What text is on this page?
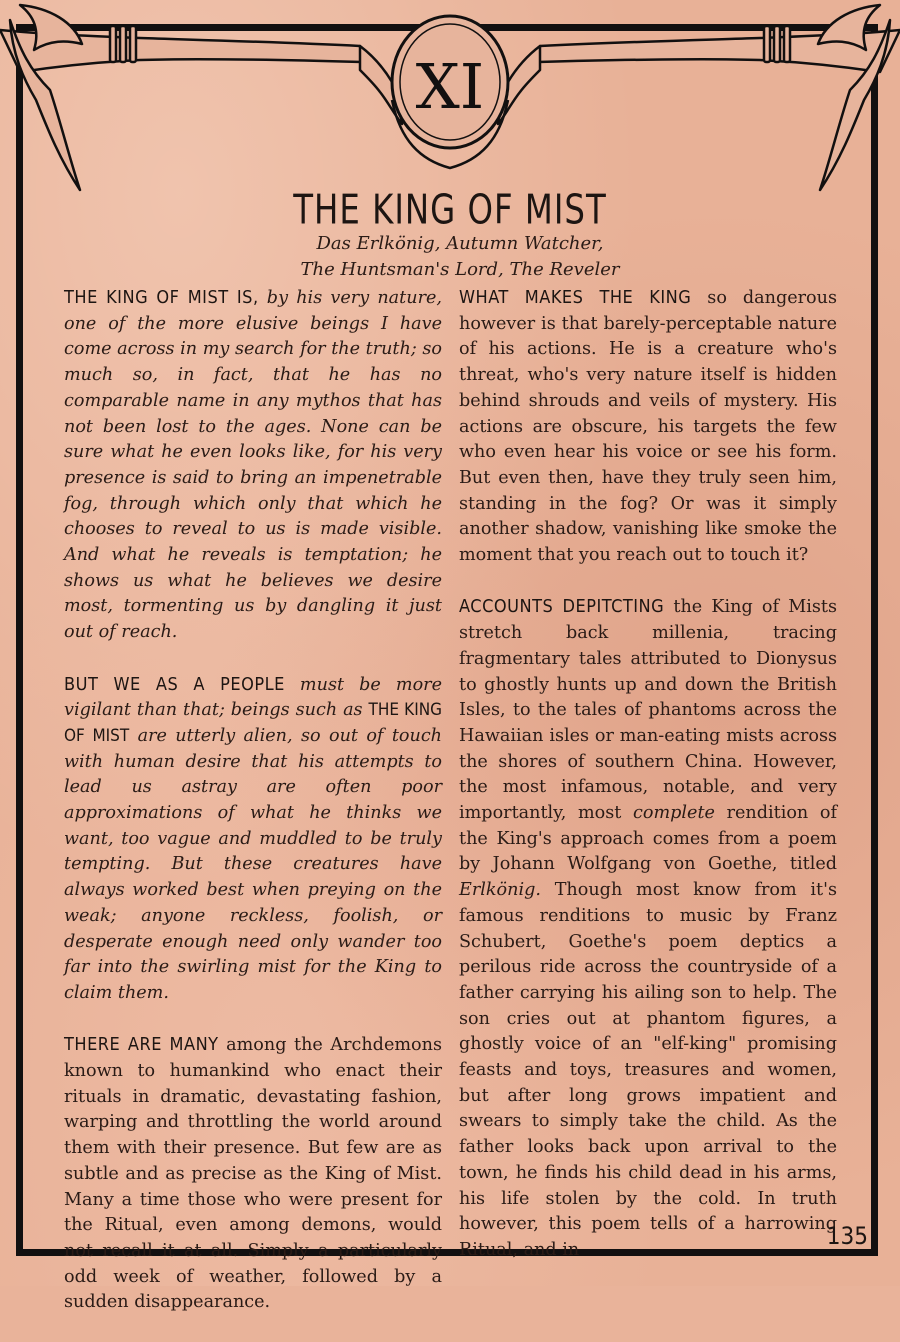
XI
THE KING OF MIST
Das Erlkönig, Autumn Watcher,
The Huntsman's Lord, The Reveler

THE KING OF MIST IS, by his very nature, one of the more elusive beings I have come across in my search for the truth; so much so, in fact, that he has no comparable name in any mythos that has not been lost to the ages. None can be sure what he even looks like, for his very presence is said to bring an impenetrable fog, through which only that which he chooses to reveal to us is made visible. And what he reveals is temptation; he shows us what he believes we desire most, tormenting us by dangling it just out of reach.

BUT WE AS A PEOPLE must be more vigilant than that; beings such as THE KING OF MIST are utterly alien, so out of touch with human desire that his attempts to lead us astray are often poor approximations of what he thinks we want, too vague and muddled to be truly tempting. But these creatures have always worked best when preying on the weak; anyone reckless, foolish, or desperate enough need only wander too far into the swirling mist for the King to claim them.

THERE ARE MANY among the Archdemons known to humankind who enact their rituals in dramatic, devastating fashion, warping and throttling the world around them with their presence. But few are as subtle and as precise as the King of Mist. Many a time those who were present for the Ritual, even among demons, would not recall it at all. Simply a particularly odd week of weather, followed by a sudden disappearance.

WHAT MAKES THE KING so dangerous however is that barely-perceptable nature of his actions. He is a creature who's threat, who's very nature itself is hidden behind shrouds and veils of mystery. His actions are obscure, his targets the few who even hear his voice or see his form. But even then, have they truly seen him, standing in the fog? Or was it simply another shadow, vanishing like smoke the moment that you reach out to touch it?

ACCOUNTS DEPITCTING the King of Mists stretch back millenia, tracing fragmentary tales attributed to Dionysus to ghostly hunts up and down the British Isles, to the tales of phantoms across the Hawaiian isles or man-eating mists across the shores of southern China. However, the most infamous, notable, and very importantly, most complete rendition of the King's approach comes from a poem by Johann Wolfgang von Goethe, titled Erlkönig. Though most know from it's famous renditions to music by Franz Schubert, Goethe's poem deptics a perilous ride across the countryside of a father carrying his ailing son to help. The son cries out at phantom figures, a ghostly voice of an "elf-king" promising feasts and toys, treasures and women, but after long grows impatient and swears to simply take the child. As the father looks back upon arrival to the town, he finds his child dead in his arms, his life stolen by the cold. In truth however, this poem tells of a harrowing Ritual, and in	135
